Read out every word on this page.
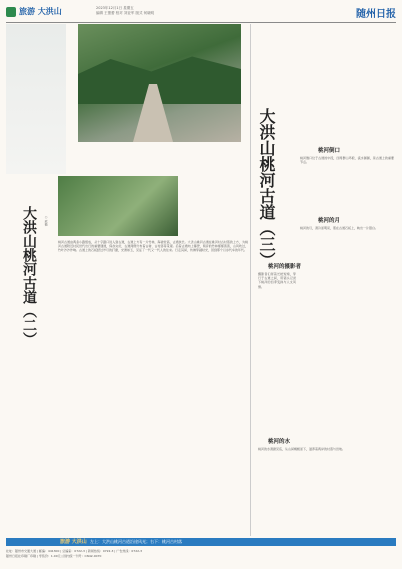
旅游 大洪山	2023年12月1日 星期五
编辑 王蕾蕾 校对 刘亚军 版式 何晓明	随州日报
大洪山桃河古道（二） ○ 邢楠
桃河古道由两条小路组成，从十字路口进入到古道，古道上方有一片竹林，海拔较高，古道狭长。大洪山桃河古道在桃河村古村落的上方，为桃河古道附近村民世代出行的重要通道，保存完好，古道两侧分布着古树、古村落等景观。沿着古道向上攀登，两旁的竹林郁郁葱葱，山风吹过，竹叶沙沙作响。古道上的石板经过岁月的打磨，光滑如玉，见证了一代又一代人的往来。行走其间，仿佛穿越时光，回到那个以步代车的年代。 大洪山桃河古道（三）	桃河倒口
桃河倒口位于古道的中段，四周群山环抱，溪水潺潺，是古道上的重要节点。
桃河的月
桃河的月，清冷而明亮，照在古道石板上，映出一片银白。
桃河的摄影者
摄影者们背着长枪短炮，穿行于古道之间，用镜头记录下桃河的四季变换与人文风情。
桃河的水
桃河的水清澈见底，从山间蜿蜒而下，滋养着两岸的村落与田地。
旅游 大洪山 左上：大洪山桃河古道沿途风光；右下：桃河古村落
社址：随州市交通大道 | 邮编：441300 | 总编室：0722-3 | 新闻热线：0722-3 | 广告热线：0722-3
随州日报社印刷厂印刷 | 零售价：1.00元 | 国内统一刊号：CN42-0070
